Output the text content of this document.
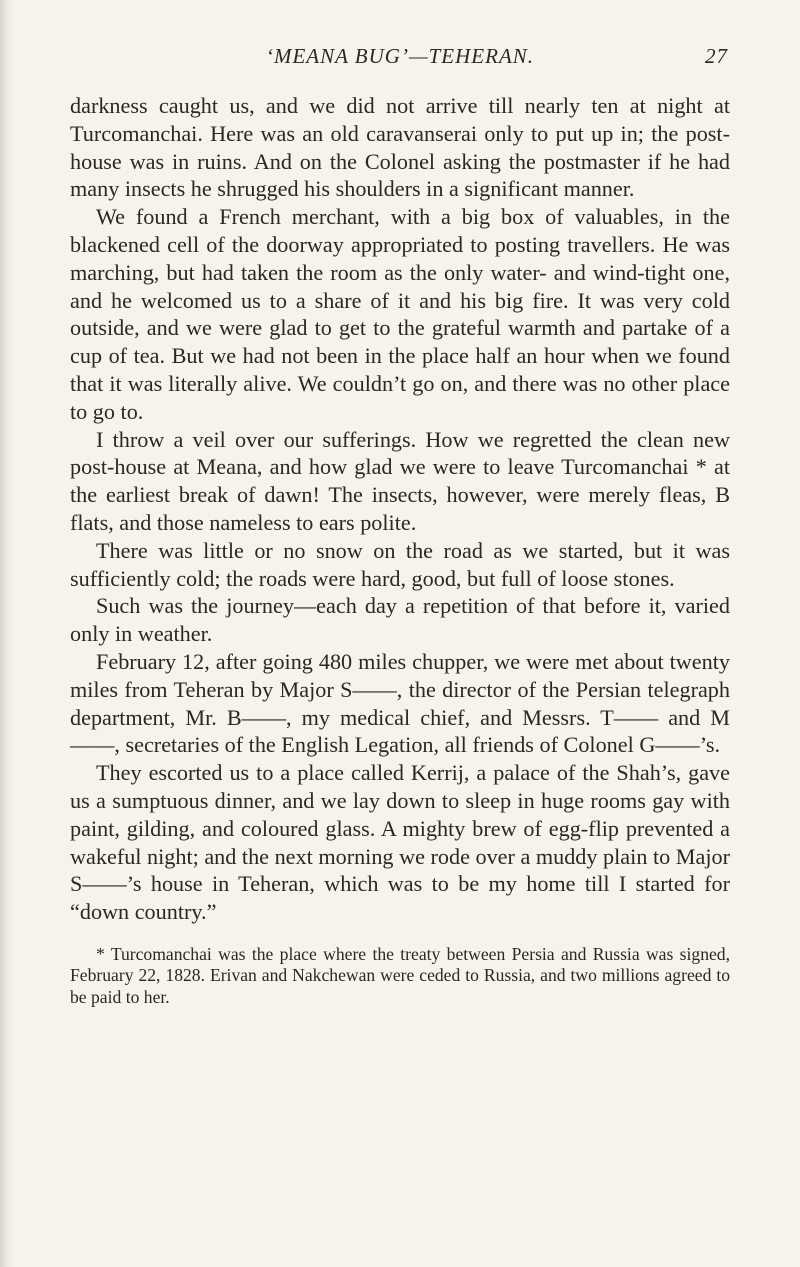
‘MEANA BUG’—TEHERAN.	27

darkness caught us, and we did not arrive till nearly ten at night at Turcomanchai. Here was an old caravanserai only to put up in; the post-house was in ruins. And on the Colonel asking the postmaster if he had many insects he shrugged his shoulders in a significant manner.

We found a French merchant, with a big box of valuables, in the blackened cell of the doorway appropriated to posting travellers. He was marching, but had taken the room as the only water- and wind-tight one, and he welcomed us to a share of it and his big fire. It was very cold outside, and we were glad to get to the grateful warmth and partake of a cup of tea. But we had not been in the place half an hour when we found that it was literally alive. We couldn’t go on, and there was no other place to go to.

I throw a veil over our sufferings. How we regretted the clean new post-house at Meana, and how glad we were to leave Turcomanchai * at the earliest break of dawn! The insects, however, were merely fleas, B flats, and those nameless to ears polite.

There was little or no snow on the road as we started, but it was sufficiently cold; the roads were hard, good, but full of loose stones.

Such was the journey—each day a repetition of that before it, varied only in weather.

February 12, after going 480 miles chupper, we were met about twenty miles from Teheran by Major S——, the director of the Persian telegraph department, Mr. B——, my medical chief, and Messrs. T—— and M——, secretaries of the English Legation, all friends of Colonel G——’s.

They escorted us to a place called Kerrij, a palace of the Shah’s, gave us a sumptuous dinner, and we lay down to sleep in huge rooms gay with paint, gilding, and coloured glass. A mighty brew of egg-flip prevented a wakeful night; and the next morning we rode over a muddy plain to Major S——’s house in Teheran, which was to be my home till I started for “down country.”

* Turcomanchai was the place where the treaty between Persia and Russia was signed, February 22, 1828. Erivan and Nakchewan were ceded to Russia, and two millions agreed to be paid to her.
